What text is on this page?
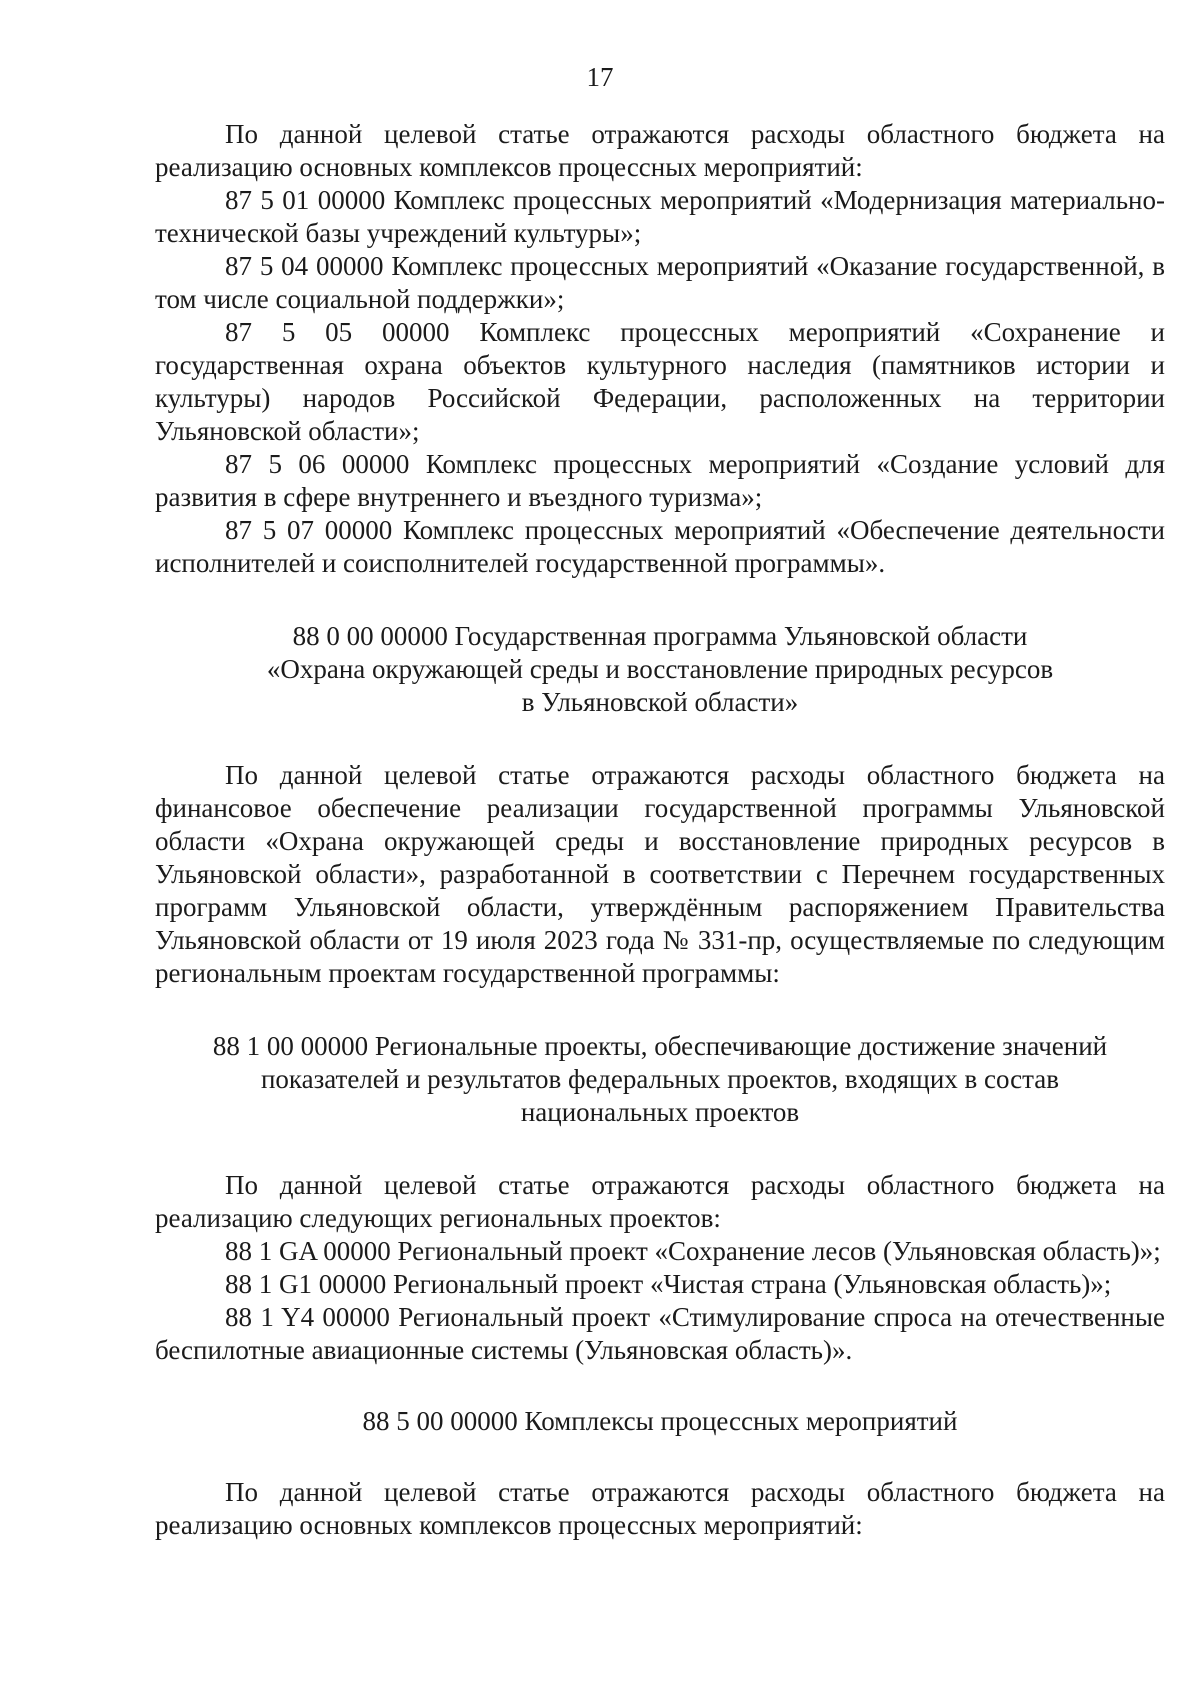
17

По данной целевой статье отражаются расходы областного бюджета на реализацию основных комплексов процессных мероприятий:

87 5 01 00000 Комплекс процессных мероприятий «Модернизация материально-технической базы учреждений культуры»;

87 5 04 00000 Комплекс процессных мероприятий «Оказание государственной, в том числе социальной поддержки»;

87 5 05 00000 Комплекс процессных мероприятий «Сохранение и государственная охрана объектов культурного наследия (памятников истории и культуры) народов Российской Федерации, расположенных на территории Ульяновской области»;

87 5 06 00000 Комплекс процессных мероприятий «Создание условий для развития в сфере внутреннего и въездного туризма»;

87 5 07 00000 Комплекс процессных мероприятий «Обеспечение деятельности исполнителей и соисполнителей государственной программы».

88 0 00 00000 Государственная программа Ульяновской области
«Охрана окружающей среды и восстановление природных ресурсов
в Ульяновской области»

По данной целевой статье отражаются расходы областного бюджета на финансовое обеспечение реализации государственной программы Ульяновской области «Охрана окружающей среды и восстановление природных ресурсов в Ульяновской области», разработанной в соответствии с Перечнем государственных программ Ульяновской области, утверждённым распоряжением Правительства Ульяновской области от 19 июля 2023 года № 331-пр, осуществляемые по следующим региональным проектам государственной программы:

88 1 00 00000 Региональные проекты, обеспечивающие достижение значений
показателей и результатов федеральных проектов, входящих в состав
национальных проектов

По данной целевой статье отражаются расходы областного бюджета на реализацию следующих региональных проектов:

88 1 GA 00000 Региональный проект «Сохранение лесов (Ульяновская область)»;

88 1 G1 00000 Региональный проект «Чистая страна (Ульяновская область)»;

88 1 Y4 00000 Региональный проект «Стимулирование спроса на отечественные беспилотные авиационные системы (Ульяновская область)».

88 5 00 00000 Комплексы процессных мероприятий

По данной целевой статье отражаются расходы областного бюджета на реализацию основных комплексов процессных мероприятий:
